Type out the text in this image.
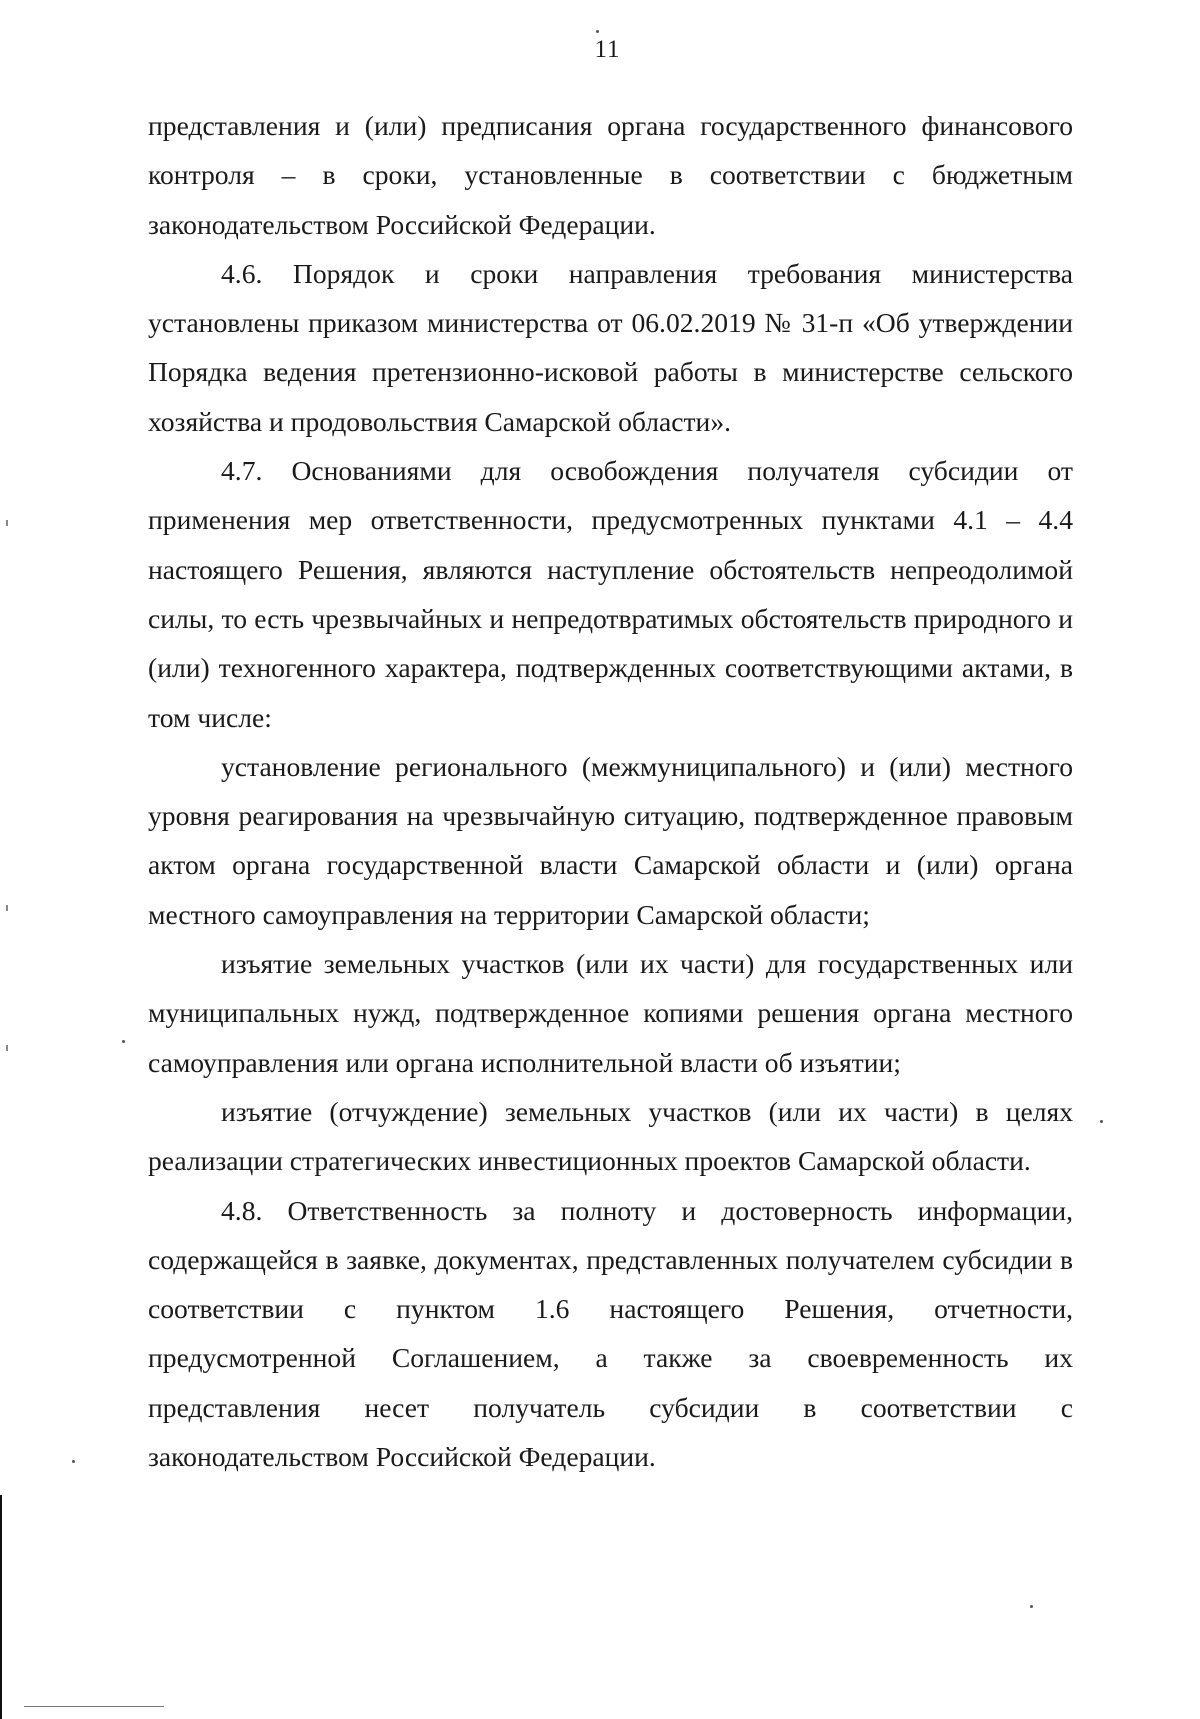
11

представления и (или) предписания органа государственного финансового контроля – в сроки, установленные в соответствии с бюджетным законодательством Российской Федерации.

4.6. Порядок и сроки направления требования министерства установлены приказом министерства от 06.02.2019 № 31-п «Об утверждении Порядка ведения претензионно-исковой работы в министерстве сельского хозяйства и продовольствия Самарской области».

4.7. Основаниями для освобождения получателя субсидии от применения мер ответственности, предусмотренных пунктами 4.1 – 4.4 настоящего Решения, являются наступление обстоятельств непреодолимой силы, то есть чрезвычайных и непредотвратимых обстоятельств природного и (или) техногенного характера, подтвержденных соответствующими актами, в том числе:

установление регионального (межмуниципального) и (или) местного уровня реагирования на чрезвычайную ситуацию, подтвержденное правовым актом органа государственной власти Самарской области и (или) органа местного самоуправления на территории Самарской области;

изъятие земельных участков (или их части) для государственных или муниципальных нужд, подтвержденное копиями решения органа местного самоуправления или органа исполнительной власти об изъятии;

изъятие (отчуждение) земельных участков (или их части) в целях реализации стратегических инвестиционных проектов Самарской области.

4.8. Ответственность за полноту и достоверность информации, содержащейся в заявке, документах, представленных получателем субсидии в соответствии с пунктом 1.6 настоящего Решения, отчетности, предусмотренной Соглашением, а также за своевременность их представления несет получатель субсидии в соответствии с законодательством Российской Федерации.
